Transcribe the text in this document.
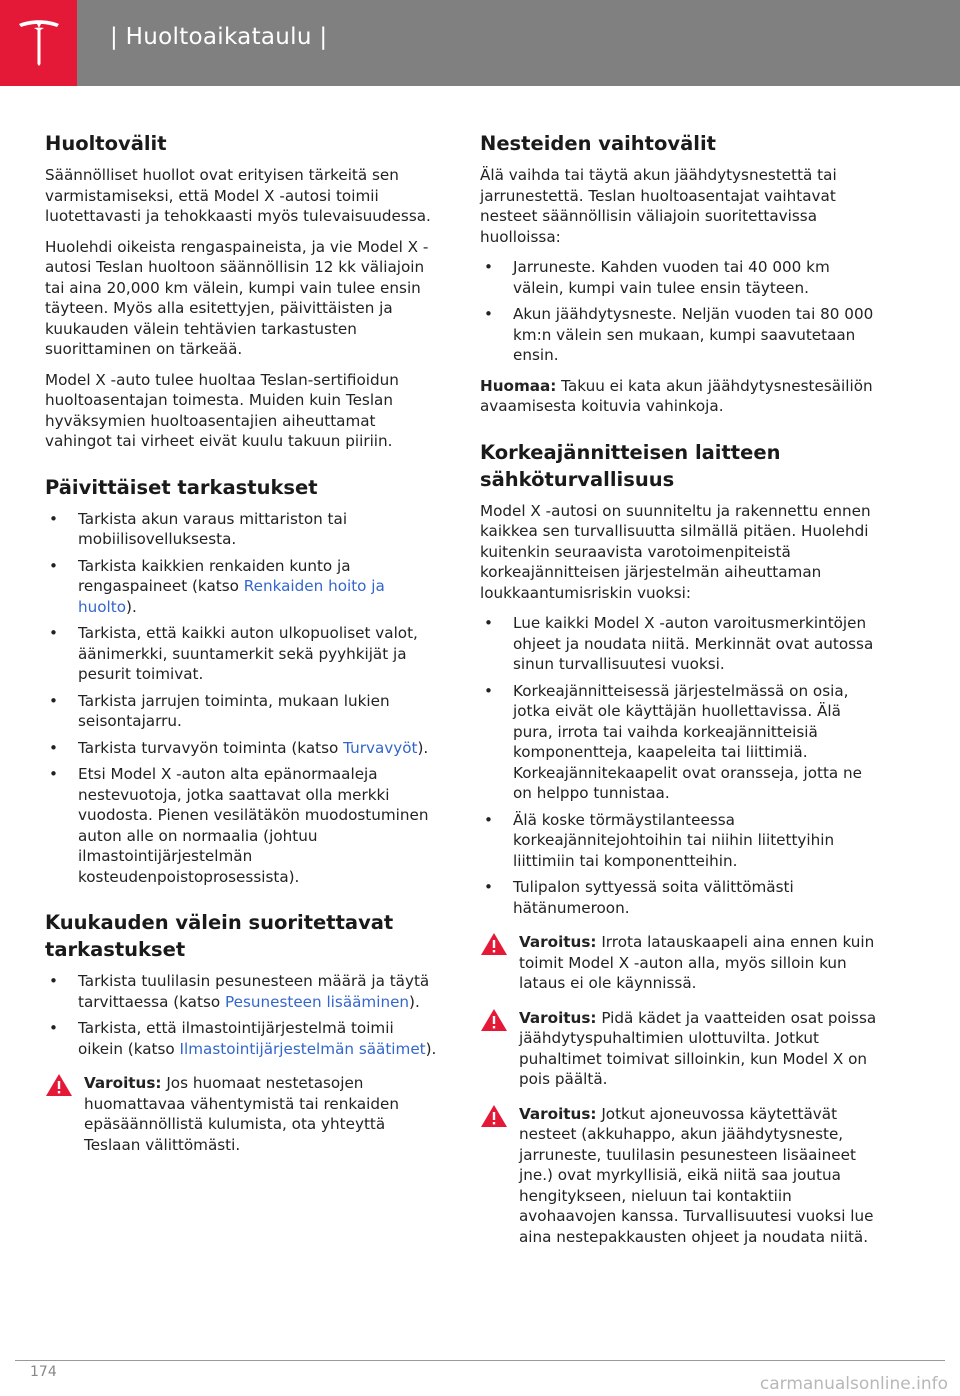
| Huoltoaikataulu |
Huoltovälit

Säännölliset huollot ovat erityisen tärkeitä sen varmistamiseksi, että Model X -autosi toimii luotettavasti ja tehokkaasti myös tulevaisuudessa.

Huolehdi oikeista rengaspaineista, ja vie Model X -autosi Teslan huoltoon säännöllisin 12 kk väliajoin tai aina 20,000 km välein, kumpi vain tulee ensin täyteen. Myös alla esitettyjen, päivittäisten ja kuukauden välein tehtävien tarkastusten suorittaminen on tärkeää.

Model X -auto tulee huoltaa Teslan-sertifioidun huoltoasentajan toimesta. Muiden kuin Teslan hyväksymien huoltoasentajien aiheuttamat vahingot tai virheet eivät kuulu takuun piiriin.

Päivittäiset tarkastukset
• Tarkista akun varaus mittariston tai mobiilisovelluksesta.
• Tarkista kaikkien renkaiden kunto ja rengaspaineet (katso Renkaiden hoito ja huolto).
• Tarkista, että kaikki auton ulkopuoliset valot, äänimerkki, suuntamerkit sekä pyyhkijät ja pesurit toimivat.
• Tarkista jarrujen toiminta, mukaan lukien seisontajarru.
• Tarkista turvavyön toiminta (katso Turvavyöt).
• Etsi Model X -auton alta epänormaaleja nestevuotoja, jotka saattavat olla merkki vuodosta. Pienen vesilätäkön muodostuminen auton alle on normaalia (johtuu ilmastointijärjestelmän kosteudenpoistoprosessista).
Kuukauden välein suoritettavat tarkastukset
• Tarkista tuulilasin pesunesteen määrä ja täytä tarvittaessa (katso Pesunesteen lisääminen).
• Tarkista, että ilmastointijärjestelmä toimii oikein (katso Ilmastointijärjestelmän säätimet).
Varoitus: Jos huomaat nestetasojen huomattavaa vähentymistä tai renkaiden epäsäännöllistä kulumista, ota yhteyttä Teslaan välittömästi.
Nesteiden vaihtovälit

Älä vaihda tai täytä akun jäähdytysnestettä tai jarrunestettä. Teslan huoltoasentajat vaihtavat nesteet säännöllisin väliajoin suoritettavissa huolloissa:

• Jarruneste. Kahden vuoden tai 40 000 km välein, kumpi vain tulee ensin täyteen.
• Akun jäähdytysneste. Neljän vuoden tai 80 000 km:n välein sen mukaan, kumpi saavutetaan ensin.

Huomaa: Takuu ei kata akun jäähdytysnestesäiliön avaamisesta koituvia vahinkoja.

Korkeajännitteisen laitteen sähköturvallisuus

Model X -autosi on suunniteltu ja rakennettu ennen kaikkea sen turvallisuutta silmällä pitäen. Huolehdi kuitenkin seuraavista varotoimenpiteistä korkeajännitteisen järjestelmän aiheuttaman loukkaantumisriskin vuoksi:

• Lue kaikki Model X -auton varoitusmerkintöjen ohjeet ja noudata niitä. Merkinnät ovat autossa sinun turvallisuutesi vuoksi.
• Korkeajännitteisessä järjestelmässä on osia, jotka eivät ole käyttäjän huollettavissa. Älä pura, irrota tai vaihda korkeajännitteisiä komponentteja, kaapeleita tai liittimiä. Korkeajännitekaapelit ovat oransseja, jotta ne on helppo tunnistaa.
• Älä koske törmäystilanteessa korkeajännitejohtoihin tai niihin liitettyihin liittimiin tai komponentteihin.
• Tulipalon syttyessä soita välittömästi hätänumeroon.
Varoitus: Irrota latauskaapeli aina ennen kuin toimit Model X -auton alla, myös silloin kun lataus ei ole käynnissä.
Varoitus: Pidä kädet ja vaatteiden osat poissa jäähdytyspuhaltimien ulottuvilta. Jotkut puhaltimet toimivat silloinkin, kun Model X on pois päältä.
Varoitus: Jotkut ajoneuvossa käytettävät nesteet (akkuhappo, akun jäähdytysneste, jarruneste, tuulilasin pesunesteen lisäaineet jne.) ovat myrkyllisiä, eikä niitä saa joutua hengitykseen, nieluun tai kontaktiin avohaavojen kanssa. Turvallisuutesi vuoksi lue aina nestepakkausten ohjeet ja noudata niitä.
174
carmanualsonline.info
